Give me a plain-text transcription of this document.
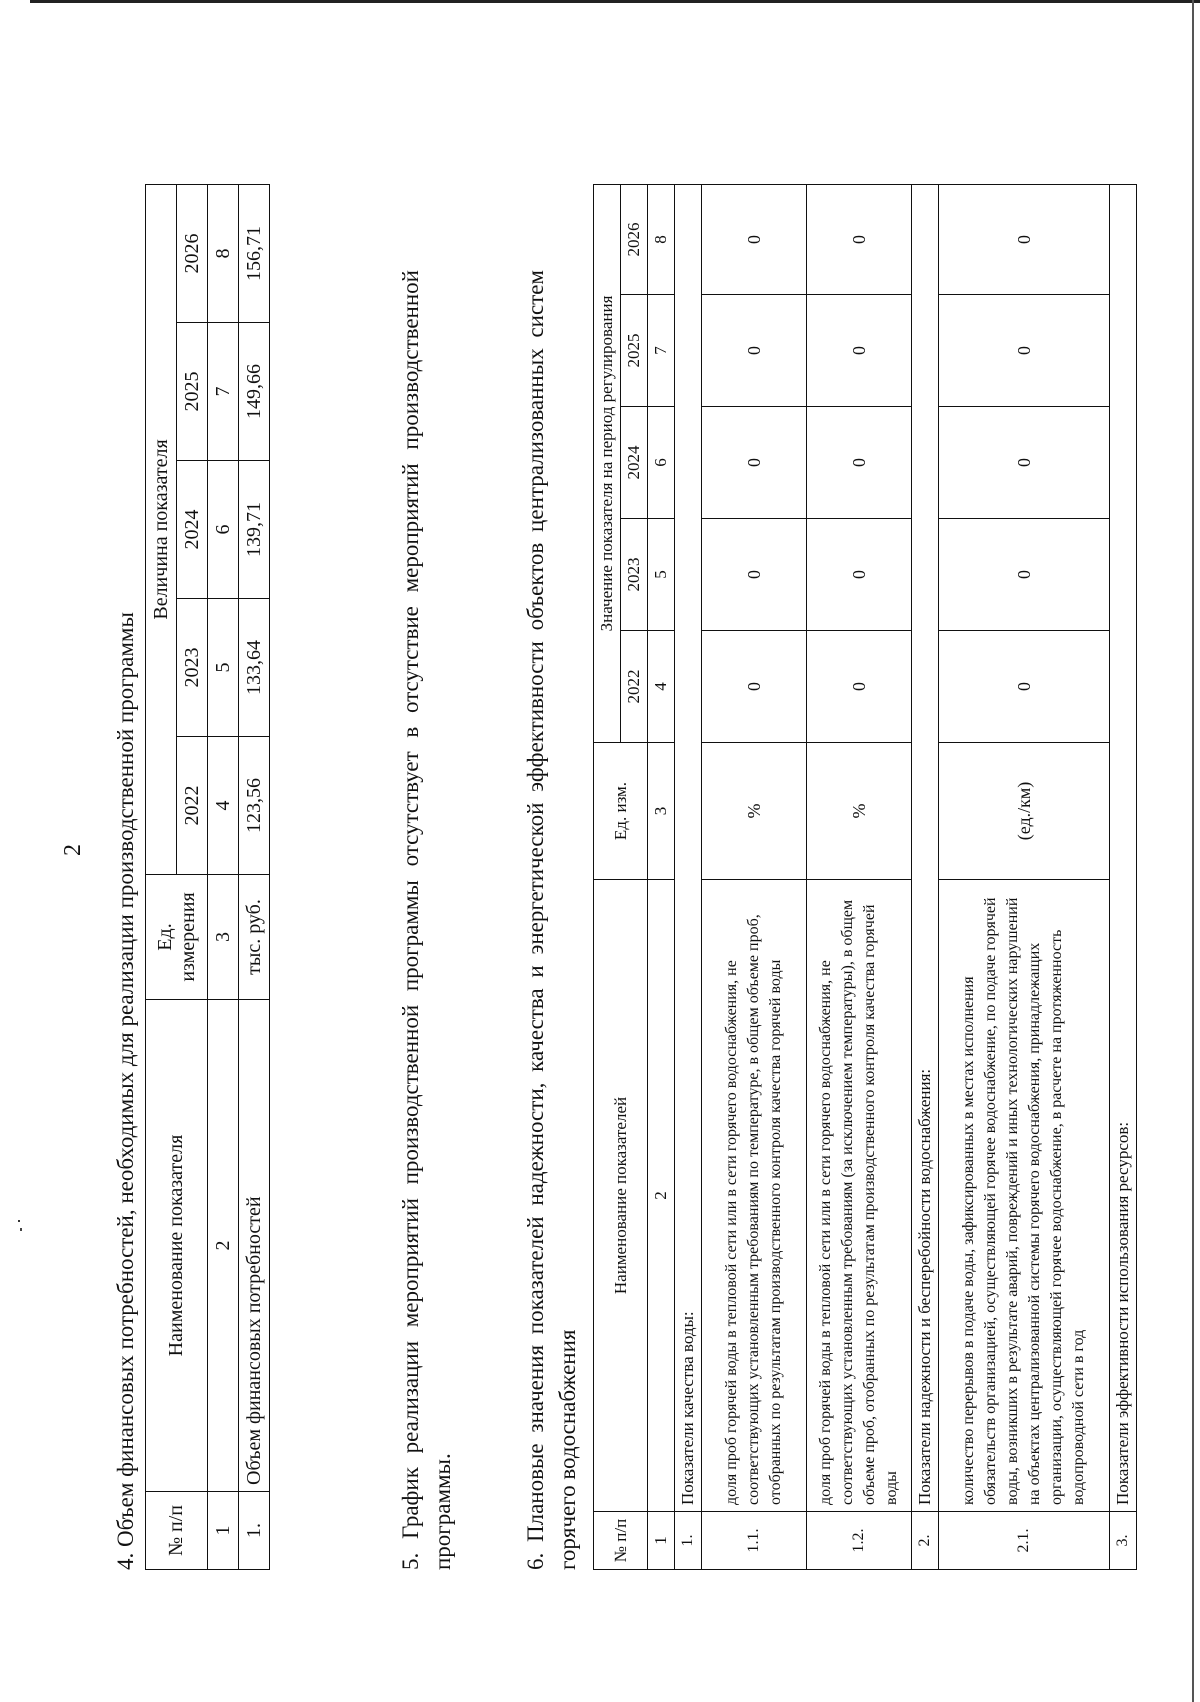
2 4. Объем финансовых потребностей, необходимых для реализации производственной программы № п/п	Наименование показателя	Ед. измерения	Величина показателя				
			2022	2023	2024	2025	2026
1	2	3	4	5	6	7	8
1.	Объем финансовых потребностей	тыс. руб.	123,56	133,64	139,71	149,66	156,71
5. График реализации мероприятий производственной программы отсутствует в отсутствие мероприятий производственной программы.	6. Плановые значения показателей надежности, качества и энергетической эффективности объектов централизованных систем горячего водоснабжения № п/п	Наименование показателей	Ед. изм.	Значение показателя на период регулирования				

			2022	2023	2024	2025	2026
1	2	3	4	5	6	7	8
1.	Показатели качества воды:						
1.1.	доля проб горячей воды в тепловой сети или в сети горячего водоснабжения, не соответствующих установленным требованиям по температуре, в общем объеме проб, отобранных по результатам производственного контроля качества горячей воды	%	0	0	0	0	0
1.2.	доля проб горячей воды в тепловой сети или в сети горячего водоснабжения, не соответствующих установленным требованиям (за исключением температуры), в общем объеме проб, отобранных по результатам производственного контроля качества горячей воды	%	0	0	0	0	0
2.	Показатели надежности и бесперебойности водоснабжения:						
2.1.	количество перерывов в подаче воды, зафиксированных в местах исполнения обязательств организацией, осуществляющей горячее водоснабжение, по подаче горячей воды, возникших в результате аварий, повреждений и иных технологических нарушений на объектах централизованной системы горячего водоснабжения, принадлежащих организации, осуществляющей горячее водоснабжение, в расчете на протяженность водопроводной сети в год	(ед./км)	0	0	0	0	0
3.	Показатели эффективности использования ресурсов:						
